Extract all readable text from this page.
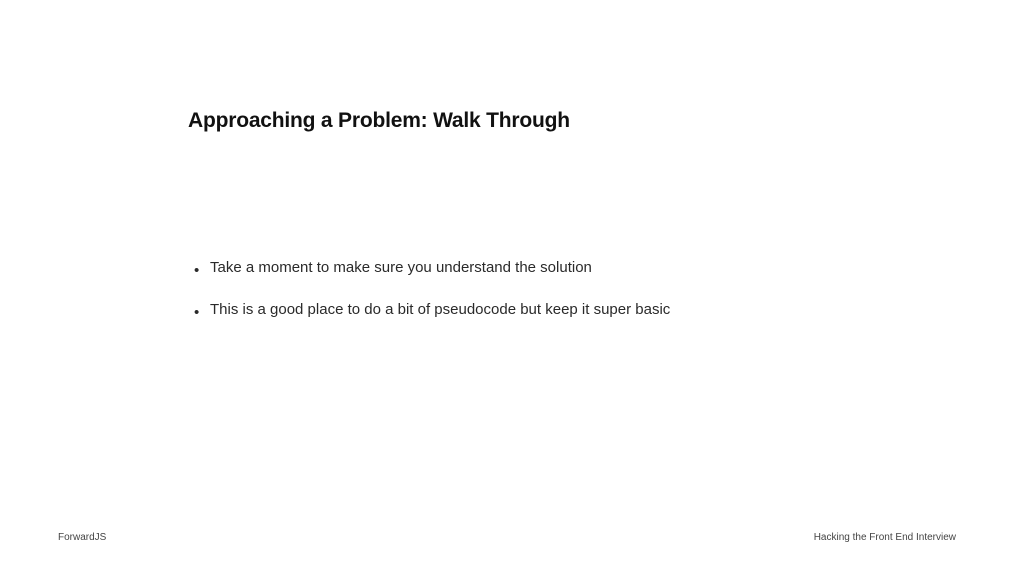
Approaching a Problem: Walk Through
• Take a moment to make sure you understand the solution
• This is a good place to do a bit of pseudocode but keep it super basic
ForwardJS	Hacking the Front End Interview
